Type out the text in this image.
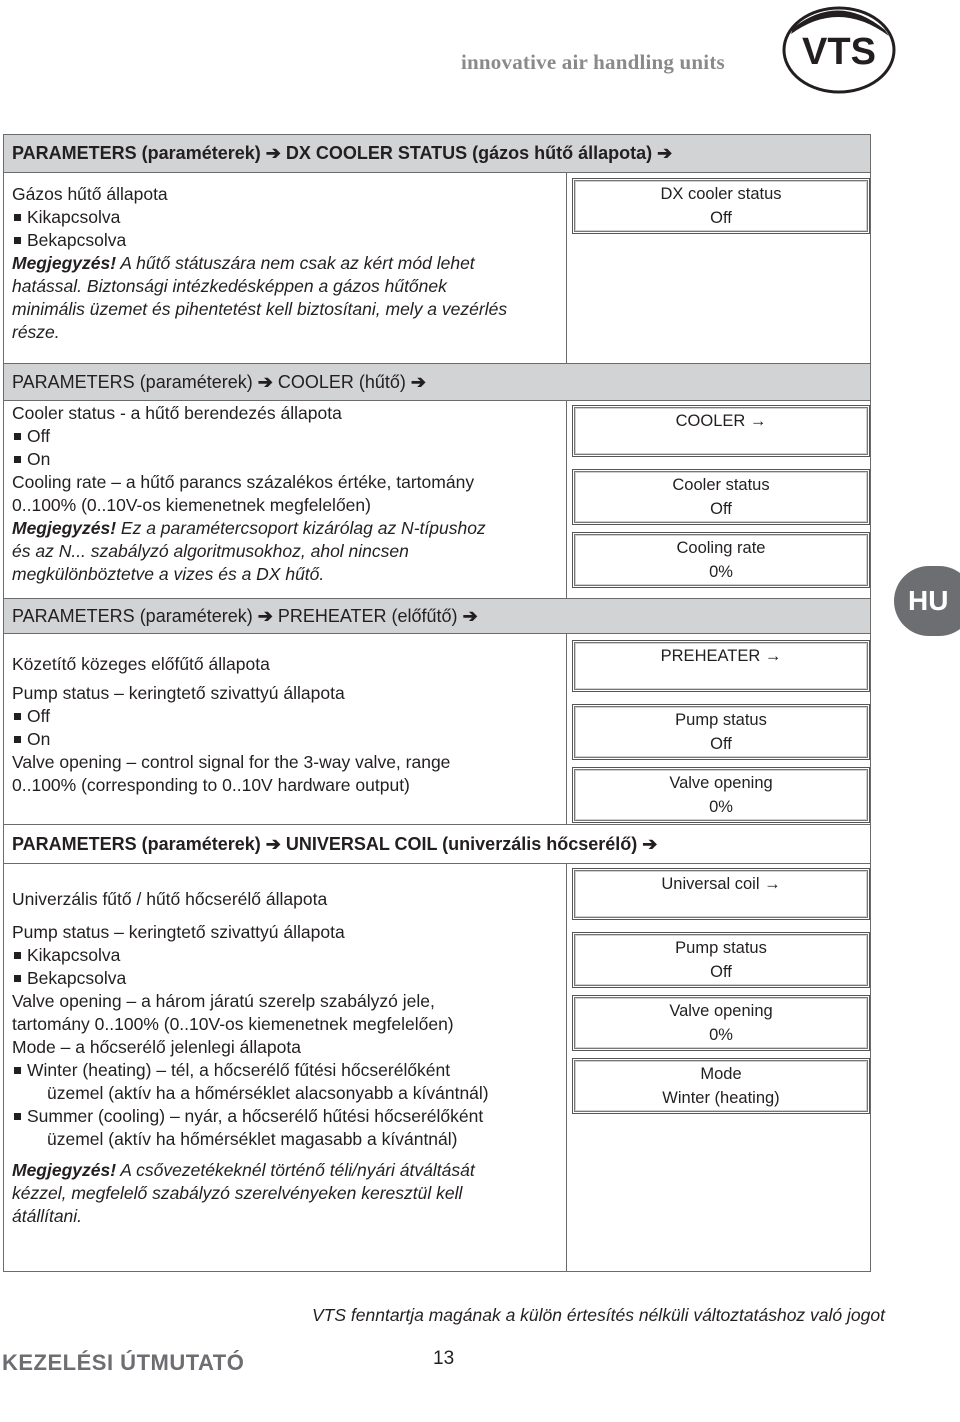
innovative air handling units VTS
PARAMETERS (paraméterek) ➔ DX COOLER STATUS (gázos hűtő állapota) ➔

Gázos hűtő állapota

Kikapcsolva

Bekapcsolva

Megjegyzés! A hűtő státuszára nem csak az kért mód lehet

hatással. Biztonsági intézkedésképpen a gázos hűtőnek

minimális üzemet és pihentetést kell biztosítani, mely a vezérlés

része.

DX cooler status
Off
PARAMETERS (paraméterek) ➔ COOLER (hűtő) ➔

Cooler status - a hűtő berendezés állapota

Off

On

Cooling rate – a hűtő parancs százalékos értéke, tartomány

0..100% (0..10V-os kiemenetnek megfelelően)

Megjegyzés! Ez a paramétercsoport kizárólag az N-típushoz

és az N... szabályzó algoritmusokhoz, ahol nincsen

megkülönböztetve a vizes és a DX hűtő.

COOLER →
Cooler status
Off
Cooling rate
0%
PARAMETERS (paraméterek) ➔ PREHEATER (előfűtő) ➔

Közetítő közeges előfűtő állapota

Pump status – keringtető szivattyú állapota

Off

On

Valve opening – control signal for the 3-way valve, range

0..100% (corresponding to 0..10V hardware output)

PREHEATER →
Pump status
Off
Valve opening
0%
PARAMETERS (paraméterek) ➔ UNIVERSAL COIL (univerzális hőcserélő) ➔

Univerzális fűtő / hűtő hőcserélő állapota

Pump status – keringtető szivattyú állapota

Kikapcsolva

Bekapcsolva

Valve opening – a három járatú szerelp szabályzó jele,

tartomány 0..100% (0..10V-os kiemenetnek megfelelően)

Mode – a hőcserélő jelenlegi állapota

Winter (heating) – tél, a hőcserélő fűtési hőcserélőként

üzemel (aktív ha a hőmérséklet alacsonyabb a kívántnál)

Summer (cooling) – nyár, a hőcserélő hűtési hőcserélőként

üzemel (aktív ha hőmérséklet magasabb a kívántnál)

Megjegyzés! A csővezetékeknél történő téli/nyári átváltását

kézzel, megfelelő szabályzó szerelvényeken keresztül kell

átállítani.

Universal coil →
Pump status
Off
Valve opening
0%
Mode
Winter (heating)
HU
VTS fenntartja magának a külön értesítés nélküli változtatáshoz való jogot
KEZELÉSI ÚTMUTATÓ	13
